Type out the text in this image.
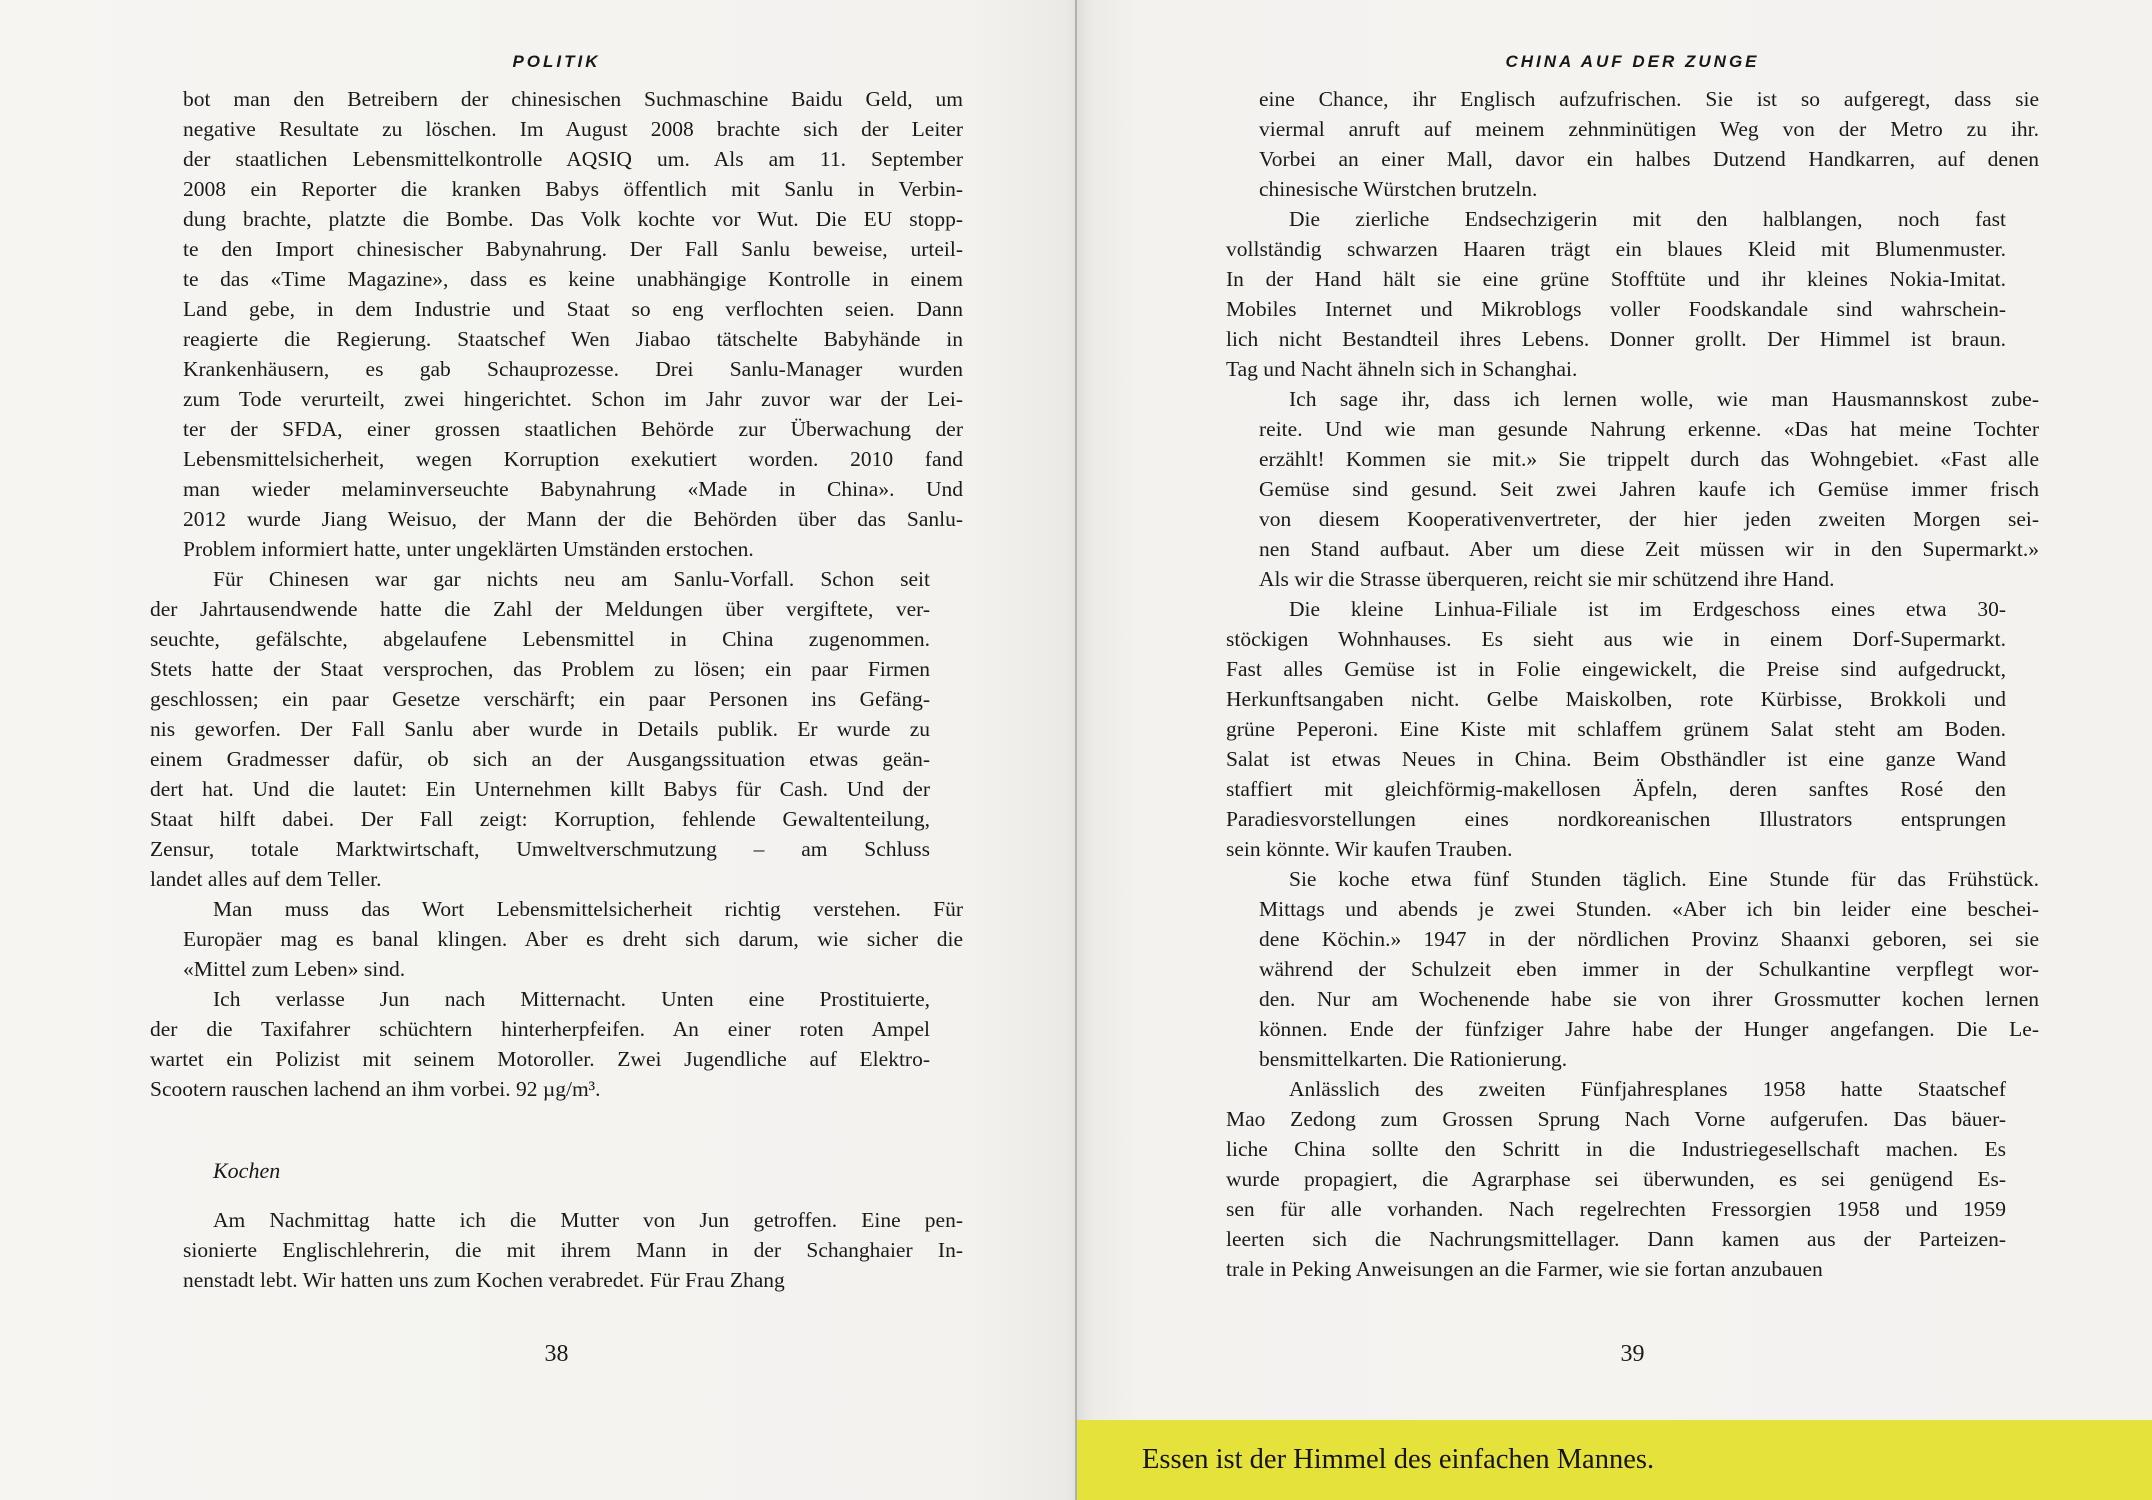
POLITIK
bot man den Betreibern der chinesischen Suchmaschine Baidu Geld, um
negative Resultate zu löschen. Im August 2008 brachte sich der Leiter
der staatlichen Lebensmittelkontrolle AQSIQ um. Als am 11. September
2008 ein Reporter die kranken Babys öffentlich mit Sanlu in Verbin-
dung brachte, platzte die Bombe. Das Volk kochte vor Wut. Die EU stopp-
te den Import chinesischer Babynahrung. Der Fall Sanlu beweise, urteil-
te das «Time Magazine», dass es keine unabhängige Kontrolle in einem
Land gebe, in dem Industrie und Staat so eng verflochten seien. Dann
reagierte die Regierung. Staatschef Wen Jiabao tätschelte Babyhände in
Krankenhäusern, es gab Schauprozesse. Drei Sanlu-Manager wurden
zum Tode verurteilt, zwei hingerichtet. Schon im Jahr zuvor war der Lei-
ter der SFDA, einer grossen staatlichen Behörde zur Überwachung der
Lebensmittelsicherheit, wegen Korruption exekutiert worden. 2010 fand
man wieder melaminverseuchte Babynahrung «Made in China». Und
2012 wurde Jiang Weisuo, der Mann der die Behörden über das Sanlu-
Problem informiert hatte, unter ungeklärten Umständen erstochen.
Für Chinesen war gar nichts neu am Sanlu-Vorfall. Schon seit
der Jahrtausendwende hatte die Zahl der Meldungen über vergiftete, ver-
seuchte, gefälschte, abgelaufene Lebensmittel in China zugenommen.
Stets hatte der Staat versprochen, das Problem zu lösen; ein paar Firmen
geschlossen; ein paar Gesetze verschärft; ein paar Personen ins Gefäng-
nis geworfen. Der Fall Sanlu aber wurde in Details publik. Er wurde zu
einem Gradmesser dafür, ob sich an der Ausgangssituation etwas geän-
dert hat. Und die lautet: Ein Unternehmen killt Babys für Cash. Und der
Staat hilft dabei. Der Fall zeigt: Korruption, fehlende Gewaltenteilung,
Zensur, totale Marktwirtschaft, Umweltverschmutzung – am Schluss
landet alles auf dem Teller.
Man muss das Wort Lebensmittelsicherheit richtig verstehen. Für
Europäer mag es banal klingen. Aber es dreht sich darum, wie sicher die
«Mittel zum Leben» sind.
Ich verlasse Jun nach Mitternacht. Unten eine Prostituierte,
der die Taxifahrer schüchtern hinterherpfeifen. An einer roten Ampel
wartet ein Polizist mit seinem Motoroller. Zwei Jugendliche auf Elektro-
Scootern rauschen lachend an ihm vorbei. 92 µg/m³.
Kochen
Am Nachmittag hatte ich die Mutter von Jun getroffen. Eine pen-
sionierte Englischlehrerin, die mit ihrem Mann in der Schanghaier In-
nenstadt lebt. Wir hatten uns zum Kochen verabredet. Für Frau Zhang
38
CHINA AUF DER ZUNGE
eine Chance, ihr Englisch aufzufrischen. Sie ist so aufgeregt, dass sie
viermal anruft auf meinem zehnminütigen Weg von der Metro zu ihr.
Vorbei an einer Mall, davor ein halbes Dutzend Handkarren, auf denen
chinesische Würstchen brutzeln.
Die zierliche Endsechzigerin mit den halblangen, noch fast
vollständig schwarzen Haaren trägt ein blaues Kleid mit Blumenmuster.
In der Hand hält sie eine grüne Stofftüte und ihr kleines Nokia-Imitat.
Mobiles Internet und Mikroblogs voller Foodskandale sind wahrschein-
lich nicht Bestandteil ihres Lebens. Donner grollt. Der Himmel ist braun.
Tag und Nacht ähneln sich in Schanghai.
Ich sage ihr, dass ich lernen wolle, wie man Hausmannskost zube-
reite. Und wie man gesunde Nahrung erkenne. «Das hat meine Tochter
erzählt! Kommen sie mit.» Sie trippelt durch das Wohngebiet. «Fast alle
Gemüse sind gesund. Seit zwei Jahren kaufe ich Gemüse immer frisch
von diesem Kooperativenvertreter, der hier jeden zweiten Morgen sei-
nen Stand aufbaut. Aber um diese Zeit müssen wir in den Supermarkt.»
Als wir die Strasse überqueren, reicht sie mir schützend ihre Hand.
Die kleine Linhua-Filiale ist im Erdgeschoss eines etwa 30-
stöckigen Wohnhauses. Es sieht aus wie in einem Dorf-Supermarkt.
Fast alles Gemüse ist in Folie eingewickelt, die Preise sind aufgedruckt,
Herkunftsangaben nicht. Gelbe Maiskolben, rote Kürbisse, Brokkoli und
grüne Peperoni. Eine Kiste mit schlaffem grünem Salat steht am Boden.
Salat ist etwas Neues in China. Beim Obsthändler ist eine ganze Wand
staffiert mit gleichförmig-makellosen Äpfeln, deren sanftes Rosé den
Paradiesvorstellungen eines nordkoreanischen Illustrators entsprungen
sein könnte. Wir kaufen Trauben.
Sie koche etwa fünf Stunden täglich. Eine Stunde für das Frühstück.
Mittags und abends je zwei Stunden. «Aber ich bin leider eine beschei-
dene Köchin.» 1947 in der nördlichen Provinz Shaanxi geboren, sei sie
während der Schulzeit eben immer in der Schulkantine verpflegt wor-
den. Nur am Wochenende habe sie von ihrer Grossmutter kochen lernen
können. Ende der fünfziger Jahre habe der Hunger angefangen. Die Le-
bensmittelkarten. Die Rationierung.
Anlässlich des zweiten Fünfjahresplanes 1958 hatte Staatschef
Mao Zedong zum Grossen Sprung Nach Vorne aufgerufen. Das bäuer-
liche China sollte den Schritt in die Industriegesellschaft machen. Es
wurde propagiert, die Agrarphase sei überwunden, es sei genügend Es-
sen für alle vorhanden. Nach regelrechten Fressorgien 1958 und 1959
leerten sich die Nachrungsmittellager. Dann kamen aus der Parteizen-
trale in Peking Anweisungen an die Farmer, wie sie fortan anzubauen
39
Essen ist der Himmel des einfachen Mannes.
